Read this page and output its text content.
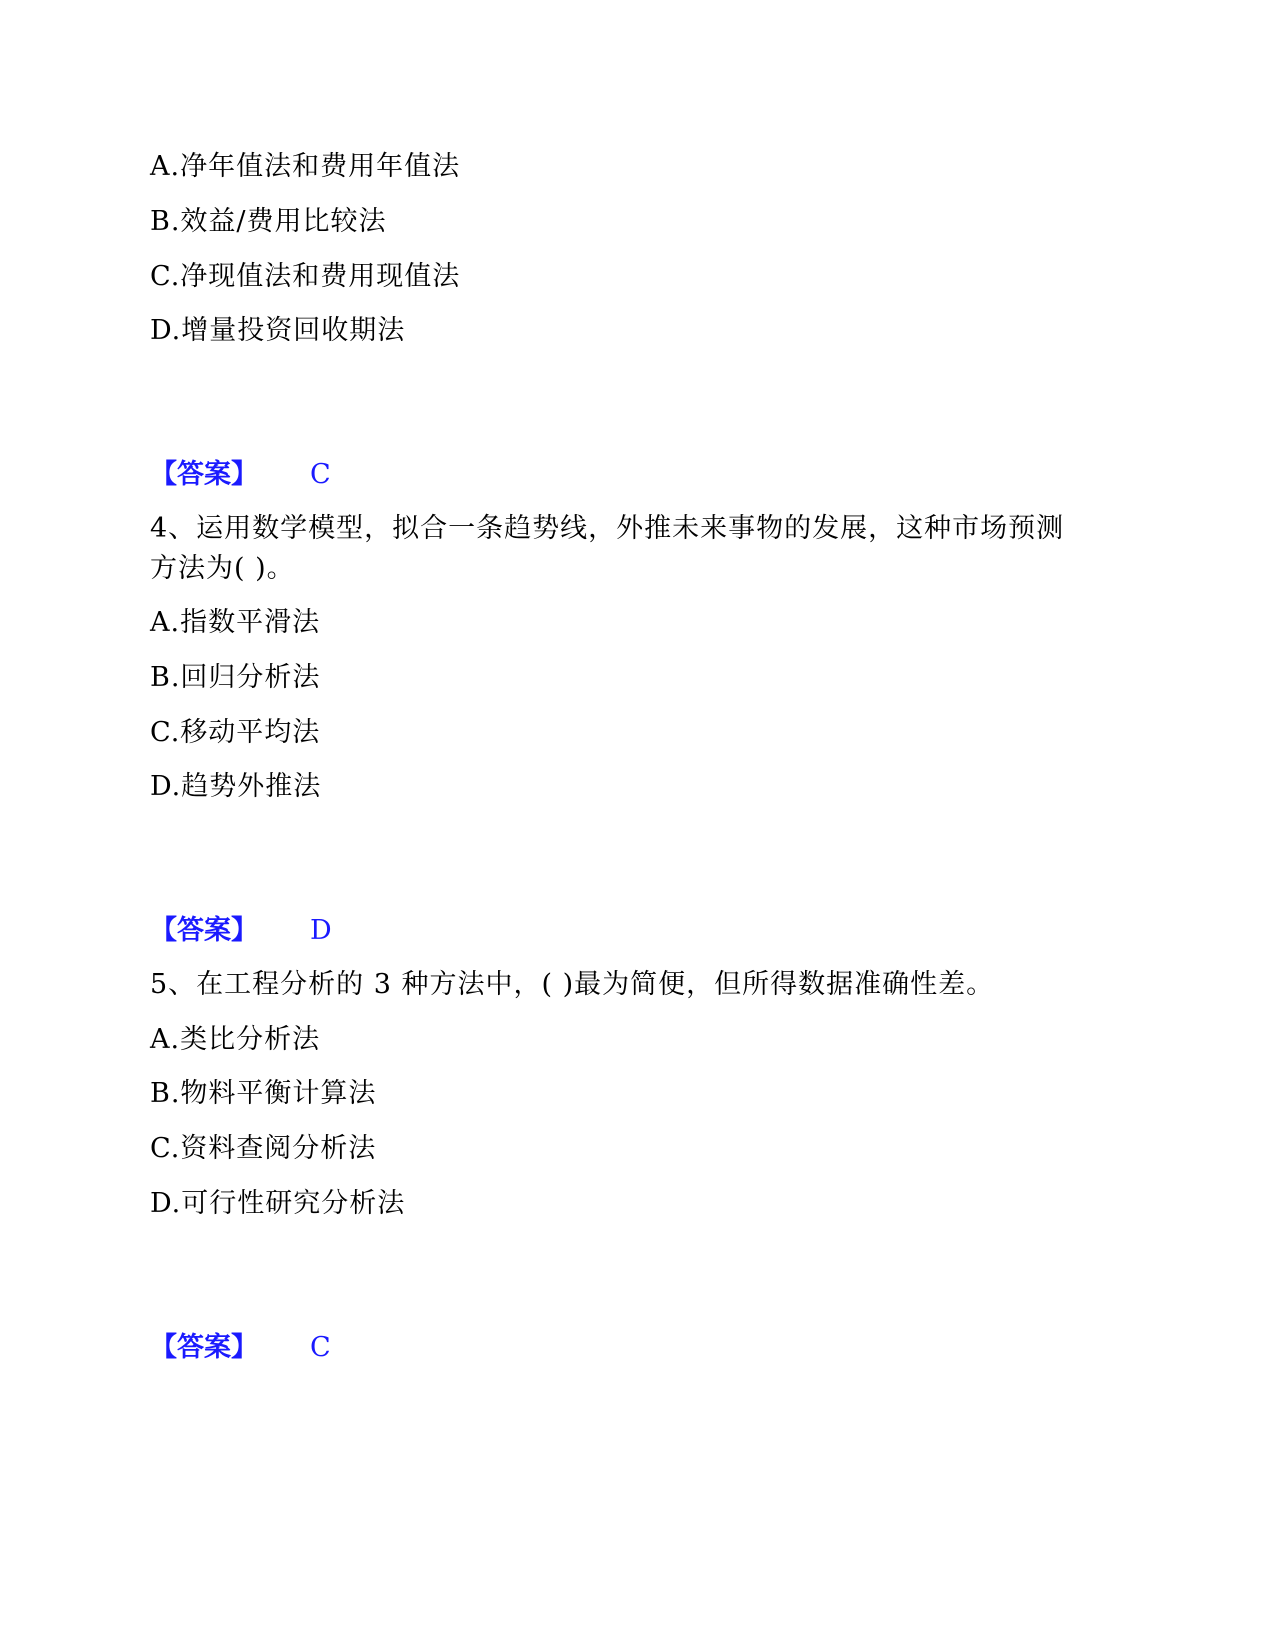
A.净年值法和费用年值法
B.效益/费用比较法
C.净现值法和费用现值法
D.增量投资回收期法
【答案】 C
4、运用数学模型，拟合一条趋势线，外推未来事物的发展，这种市场预测
方法为( )。
A.指数平滑法
B.回归分析法
C.移动平均法
D.趋势外推法
【答案】 D
5、在工程分析的 3 种方法中，( )最为简便，但所得数据准确性差。
A.类比分析法
B.物料平衡计算法
C.资料查阅分析法
D.可行性研究分析法
【答案】 C
